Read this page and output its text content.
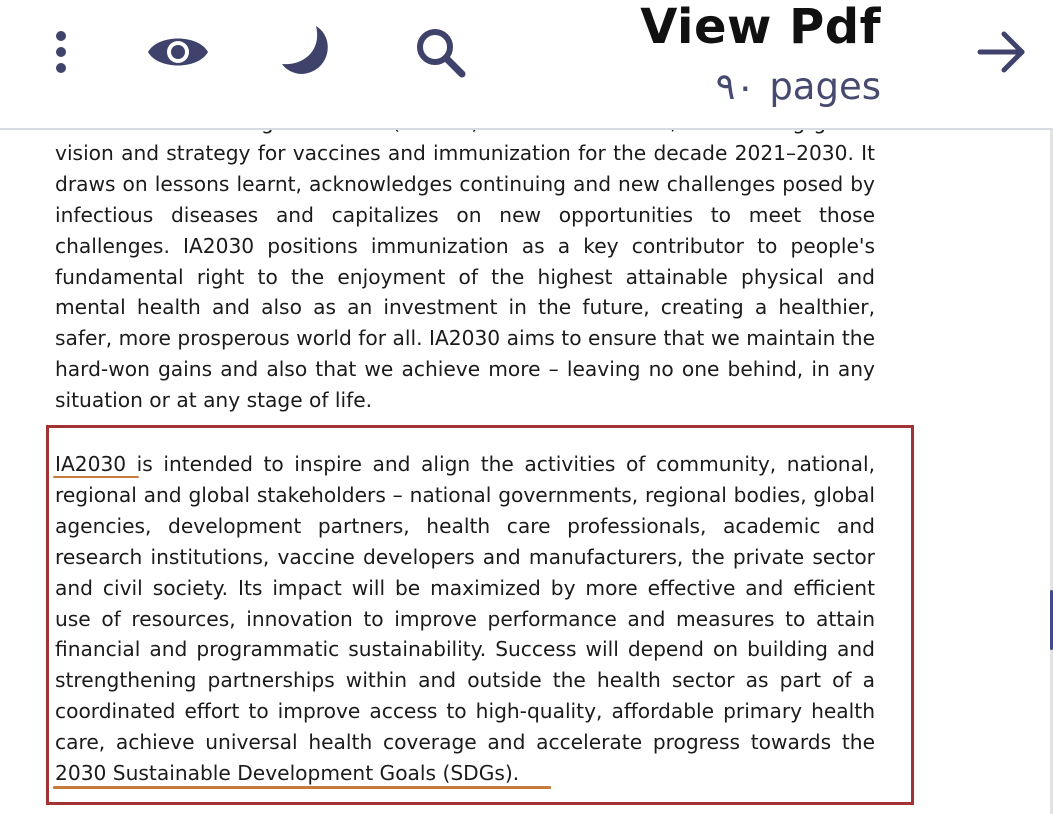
vision and strategy for vaccines and immunization for the decade 2021–2030. It draws on lessons learnt, acknowledges continuing and new challenges posed by infectious diseases and capitalizes on new opportunities to meet those challenges. IA2030 positions immunization as a key contributor to people's fundamental right to the enjoyment of the highest attainable physical and mental health and also as an investment in the future, creating a healthier, safer, more prosperous world for all. IA2030 aims to ensure that we maintain the hard-won gains and also that we achieve more – leaving no one behind, in any situation or at any stage of life.

IA2030 is intended to inspire and align the activities of community, national, regional and global stakeholders – national governments, regional bodies, global agencies, development partners, health care professionals, academic and research institutions, vaccine developers and manufacturers, the private sector and civil society. Its impact will be maximized by more effective and efficient use of resources, innovation to improve performance and measures to attain financial and programmatic sustainability. Success will depend on building and strengthening partnerships within and outside the health sector as part of a coordinated effort to improve access to high-quality, affordable primary health care, achieve universal health coverage and accelerate progress towards the 2030 Sustainable Development Goals (SDGs).

View Pdf
٩٠ pages
